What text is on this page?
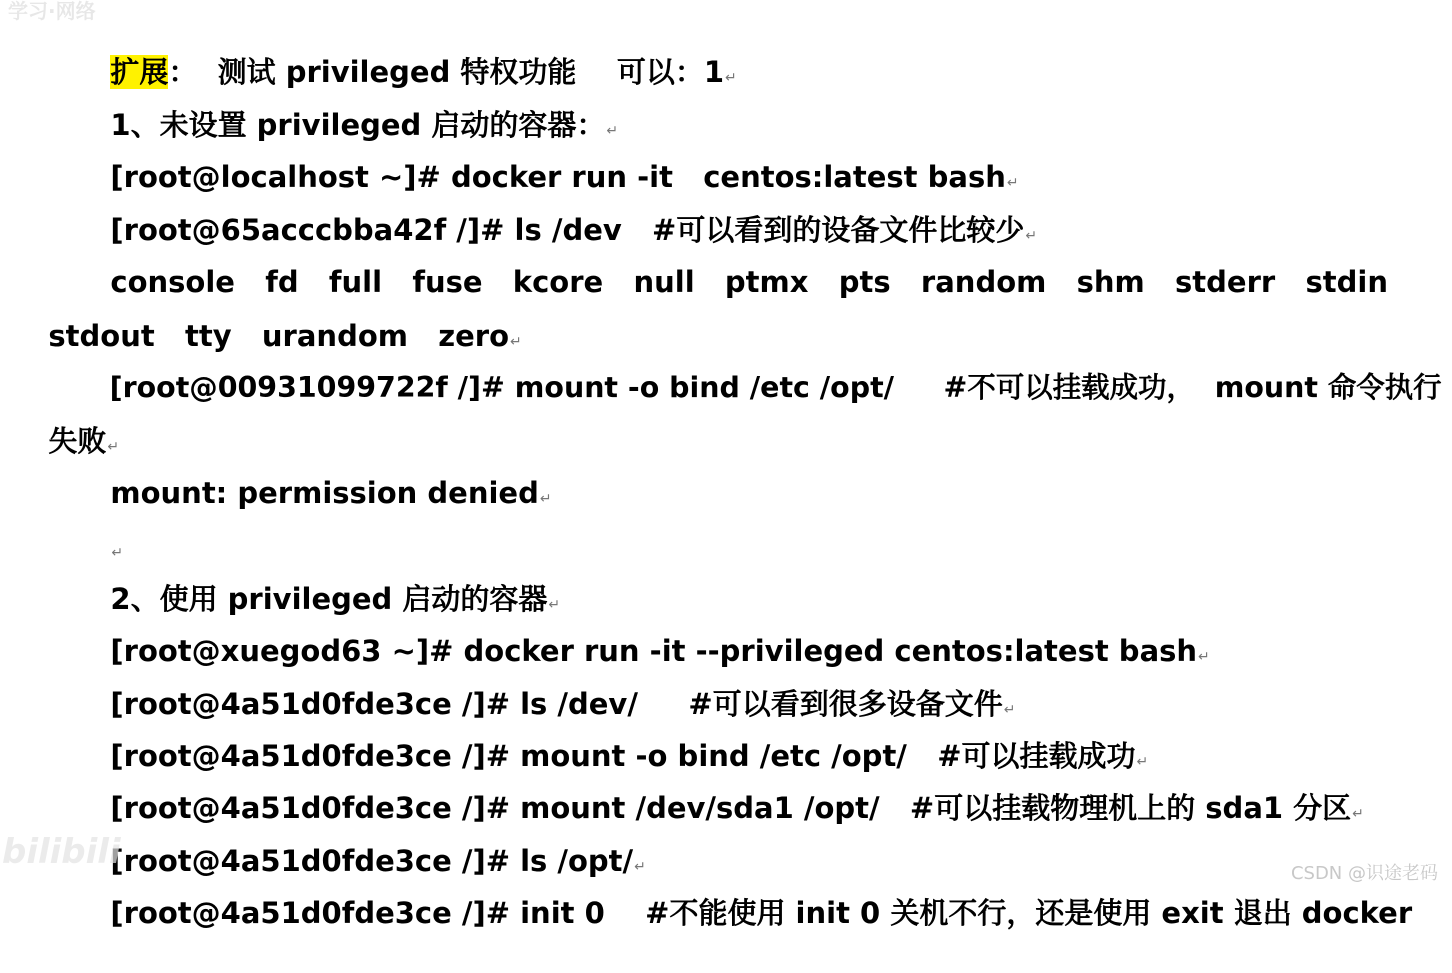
学习·网络

扩展：  测试 privileged 特权功能    可以：1↵

1、未设置 privileged 启动的容器：↵

[root@localhost ~]# docker run -it   centos:latest bash↵

[root@65acccbba42f /]# ls /dev   #可以看到的设备文件比较少↵

console   fd   full   fuse   kcore   null   ptmx   pts   random   shm   stderr   stdin

stdout   tty   urandom   zero↵

[root@00931099722f /]# mount -o bind /etc /opt/     #不可以挂载成功，  mount 命令执行

失败↵

mount: permission denied↵

↵

2、使用 privileged 启动的容器↵

[root@xuegod63 ~]# docker run -it --privileged centos:latest bash↵

[root@4a51d0fde3ce /]# ls /dev/     #可以看到很多设备文件↵

[root@4a51d0fde3ce /]# mount -o bind /etc /opt/   #可以挂载成功↵

[root@4a51d0fde3ce /]# mount /dev/sda1 /opt/   #可以挂载物理机上的 sda1 分区↵

[root@4a51d0fde3ce /]# ls /opt/↵

[root@4a51d0fde3ce /]# init 0    #不能使用 init 0 关机不行，还是使用 exit 退出 docker

bilibili
CSDN @识途老码
